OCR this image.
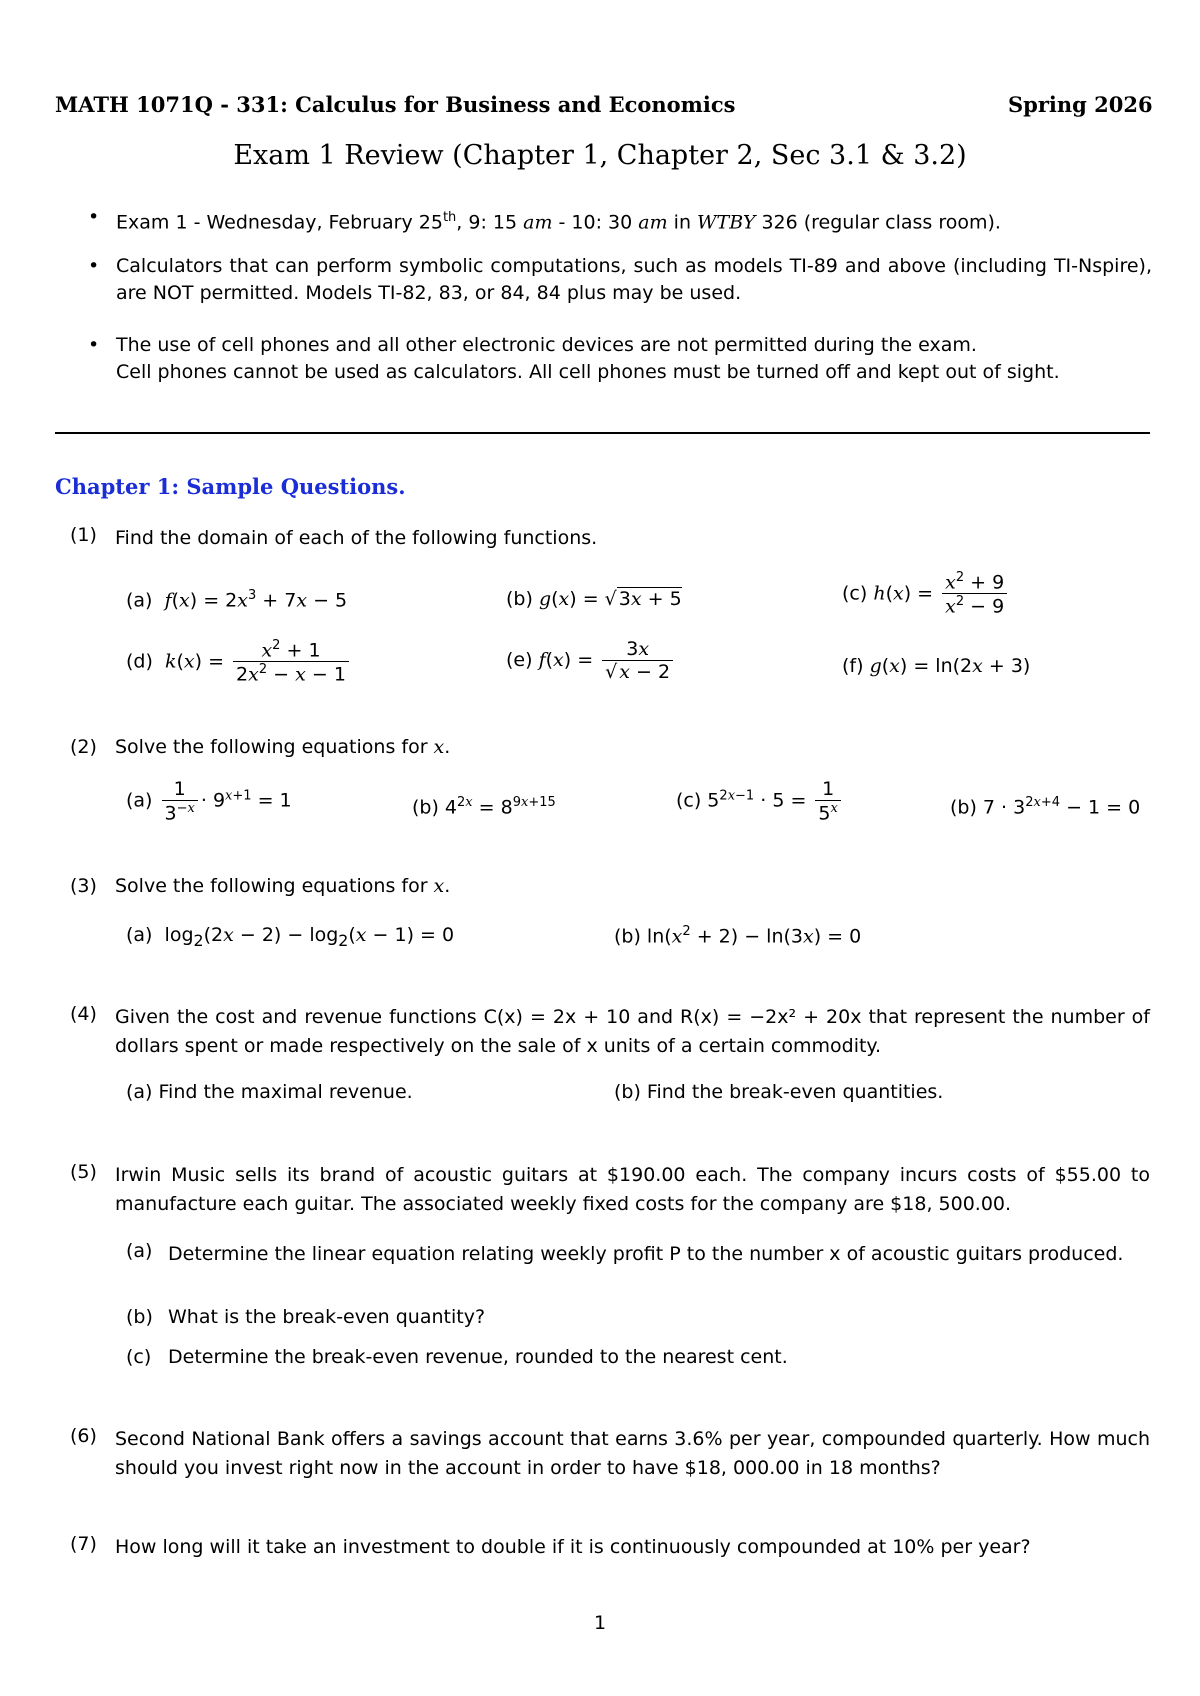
MATH 1071Q - 331: Calculus for Business and Economics	Spring 2026
Exam 1 Review (Chapter 1, Chapter 2, Sec 3.1 & 3.2)
• Exam 1 - Wednesday, February 25th, 9: 15 am - 10: 30 am in WTBY 326 (regular class room).
• Calculators that can perform symbolic computations, such as models TI-89 and above (including TI-Nspire), are NOT permitted. Models TI-82, 83, or 84, 84 plus may be used.
• The use of cell phones and all other electronic devices are not permitted during the exam.
Cell phones cannot be used as calculators. All cell phones must be turned off and kept out of sight.
Chapter 1: Sample Questions.
(1) Find the domain of each of the following functions.
(a)  $f(x) = 2x^3 + 7x - 5$	(b) g(x) = √ 3x + 5	(c) $h(x) = \frac{x^2 + 9}{x^2 - 9}$
(d)  $k(x) = \frac{x^2 + 1}{2x^2 - x - 1}$	(e) $f(x) = \frac{3x}{√ x - 2}$	(f) g(x) = ln(2x + 3)
(2) Solve the following equations for x.
$(a) \frac{1}{3^{-x}} \cdot 9^{x+1} = 1$	(b) $4^{2x} = 8^{9x+15}$	(c) $5^{2x-1} \cdot 5 = \frac{1}{5^x}$	(b) $7 \cdot 3^{2x+4} - 1 = 0$
(3) Solve the following equations for x.
(a)  $\log_2(2x - 2) - \log_2(x - 1) = 0$	(b) $\ln(x^2 + 2) - \ln(3x) = 0$
(4) Given the cost and revenue functions C(x) = 2x + 10 and R(x) = −2x² + 20x that represent the number of dollars spent or made respectively on the sale of x units of a certain commodity.
(a) Find the maximal revenue.	(b) Find the break-even quantities.
(5) Irwin Music sells its brand of acoustic guitars at $190.00 each. The company incurs costs of $55.00 to manufacture each guitar. The associated weekly fixed costs for the company are $18, 500.00.
(a) Determine the linear equation relating weekly profit P to the number x of acoustic guitars produced.
(b) What is the break-even quantity?
(c) Determine the break-even revenue, rounded to the nearest cent.
(6) Second National Bank offers a savings account that earns 3.6% per year, compounded quarterly. How much should you invest right now in the account in order to have $18, 000.00 in 18 months?
(7) How long will it take an investment to double if it is continuously compounded at 10% per year?
1
